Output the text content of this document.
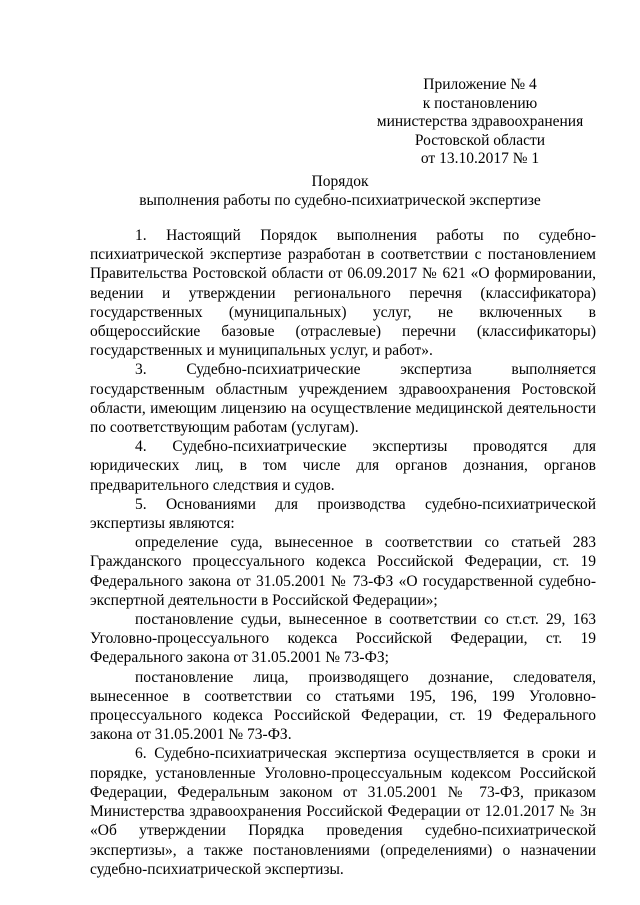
Приложение № 4
к постановлению
министерства здравоохранения
Ростовской области
от 13.10.2017 № 1
Порядок
выполнения работы по судебно-психиатрической экспертизе

1. Настоящий Порядок выполнения работы по судебно-психиатрической экспертизе разработан в соответствии с постановлением Правительства Ростовской области от 06.09.2017 № 621 «О формировании, ведении и утверждении регионального перечня (классификатора) государственных (муниципальных) услуг, не включенных в общероссийские базовые (отраслевые) перечни (классификаторы) государственных и муниципальных услуг, и работ».

3. Судебно-психиатрические экспертиза выполняется государственным областным учреждением здравоохранения Ростовской области, имеющим лицензию на осуществление медицинской деятельности по соответствующим работам (услугам).

4. Судебно-психиатрические экспертизы проводятся для юридических лиц, в том числе для органов дознания, органов предварительного следствия и судов.

5. Основаниями для производства судебно-психиатрической экспертизы являются:

определение суда, вынесенное в соответствии со статьей 283 Гражданского процессуального кодекса Российской Федерации, ст. 19 Федерального закона от 31.05.2001 № 73-ФЗ «О государственной судебно-экспертной деятельности в Российской Федерации»;

постановление судьи, вынесенное в соответствии со ст.ст. 29, 163 Уголовно-процессуального кодекса Российской Федерации, ст. 19 Федерального закона от 31.05.2001 № 73-ФЗ;

постановление лица, производящего дознание, следователя, вынесенное в соответствии со статьями 195, 196, 199 Уголовно-процессуального кодекса Российской Федерации, ст. 19 Федерального закона от 31.05.2001 № 73-ФЗ.

6. Судебно-психиатрическая экспертиза осуществляется в сроки и порядке, установленные Уголовно-процессуальным кодексом Российской Федерации, Федеральным законом от 31.05.2001 № 73-ФЗ, приказом Министерства здравоохранения Российской Федерации от 12.01.2017 № 3н «Об утверждении Порядка проведения судебно-психиатрической экспертизы», а также постановлениями (определениями) о назначении судебно-психиатрической экспертизы.
